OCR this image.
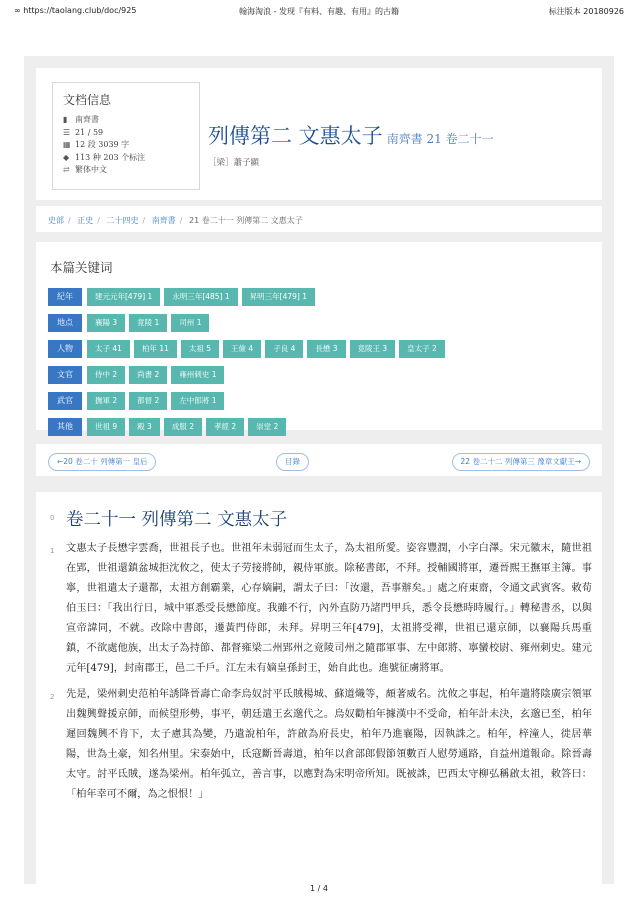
∞ https://taolang.club/doc/925	翰海淘浪 - 发现『有料、有趣、有用』的古籍	标注版本 20180926
文档信息
▮ 南齊書
☰ 21 / 59
▦ 12 段 3039 字
◆ 113 种 203 个标注
⇄ 繁体中文
列傳第二 文惠太子 南齊書 21 卷二十一
［梁］蕭子顯
史部 / 正史 / 二十四史 / 南齊書 / 21 卷二十一 列傳第二 文惠太子
本篇关键词
紀年	建元元年[479] 1	永明三年[485] 1	昇明三年[479] 1
地点	襄陽 3	竟陵 1	司州 1
人物	太子 41	柏年 11	太祖 5	王儉 4	子良 4	長懋 3	竟陵王 3	皇太子 2
文官	侍中 2	尚書 2	雍州刺史 1
武官	撫軍 2	都督 2	左中郎將 1
其他	世祖 9	殿 3	成服 2	孝經 2	崇堂 2
←20 卷二十 列傳第一 皇后	目錄	22 卷二十二 列傳第三 豫章文獻王→
0 卷二十一 列傳第二 文惠太子
1 文惠太子長懋字雲喬，世祖長子也。世祖年未弱冠而生太子，為太祖所愛。姿容豐潤，小字白澤。宋元徽末，隨世祖在郢，世祖還鎮盆城拒沈攸之，使太子劳接將帥，親侍軍旅。除秘書郎，不拜。授輔國將軍，遷晉熙王撫軍主簿。事寧，世祖遣太子還都，太祖方創霸業，心存嫡嗣，謂太子曰：「汝還，吾事辦矣。」處之府東齋，令通文武賓客。敕荀伯玉曰：「我出行日，城中軍悉受長懋節度。我雖不行，內外直防乃諸門甲兵，悉令長懋時時履行。」轉秘書丞，以與宣帝諱同，不就。改除中書郎，遷黃門侍郎，未拜。昇明三年[479]，太祖將受禪，世祖已還京師，以襄陽兵馬重鎮，不欲處他族，出太子為持節、都督雍梁二州郢州之竟陵司州之隨郡軍事、左中郎將、寧蠻校尉、雍州刺史。建元元年[479]，封南郡王，邑二千戶。江左未有嫡皇孫封王，始自此也。進號征虜將軍。
2 先是，梁州刺史范柏年誘降晉壽亡命李烏奴討平氐賊楊城、蘇道熾等，頗著威名。沈攸之事起，柏年遣將陰廣宗領軍出魏興聲援京師，而候望形勢，事平，朝廷遣王玄邈代之。烏奴勸柏年據漢中不受命，柏年計未決，玄邈已至，柏年遲回魏興不肯下，太子慮其為變，乃遣說柏年，許啟為府長史，柏年乃進襄陽，因執誅之。柏年，梓潼人，徙居華陽，世為土豪，知名州里。宋泰始中，氐寇斷晉壽道，柏年以倉部郎假節領數百人慰勞通路，自益州道報命。除晉壽太守。討平氐賊，遂為梁州。柏年弧立，善言事，以應對為宋明帝所知。既被誅，巴西太守柳弘稱啟太祖，敕答曰：「柏年幸可不爾，為之恨恨！」
1 / 4
